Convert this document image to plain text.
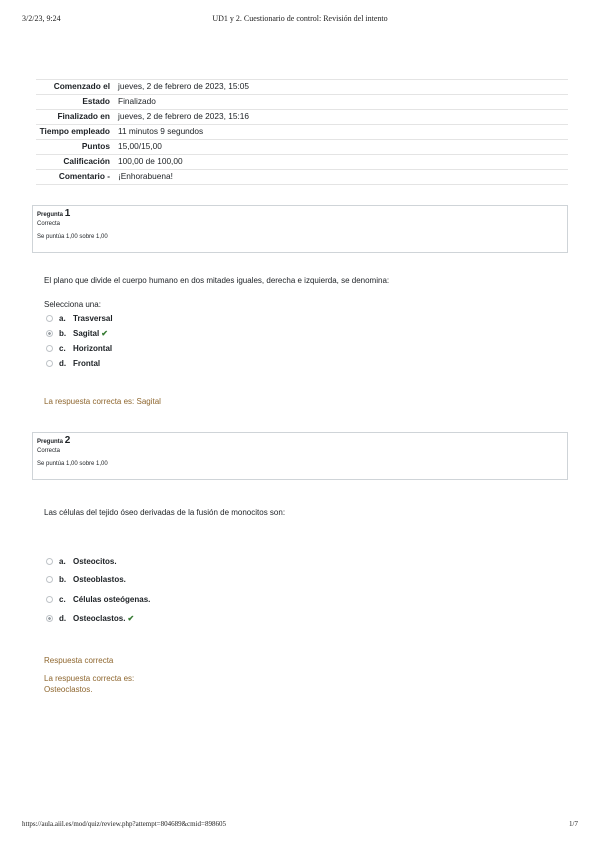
3/2/23, 9:24	UD1 y 2. Cuestionario de control: Revisión del intento
Comenzado el	jueves, 2 de febrero de 2023, 15:05
Estado	Finalizado
Finalizado en	jueves, 2 de febrero de 2023, 15:16
Tiempo empleado	11 minutos 9 segundos
Puntos	15,00/15,00
Calificación	100,00 de 100,00
Comentario -	¡Enhorabuena!
Pregunta 1
Correcta
Se puntúa 1,00 sobre 1,00
El plano que divide el cuerpo humano en dos mitades iguales, derecha e izquierda, se denomina:
Selecciona una:
a. Trasversal
b. Sagital ✔
c. Horizontal
d. Frontal
La respuesta correcta es: Sagital
Pregunta 2
Correcta
Se puntúa 1,00 sobre 1,00
Las células del tejido óseo derivadas de la fusión de monocitos son:
a. Osteocitos.
b. Osteoblastos.
c. Células osteógenas.
d. Osteoclastos. ✔
Respuesta correcta
La respuesta correcta es:
Osteoclastos.
https://aula.aiil.es/mod/quiz/review.php?attempt=804689&cmid=898605	1/7
